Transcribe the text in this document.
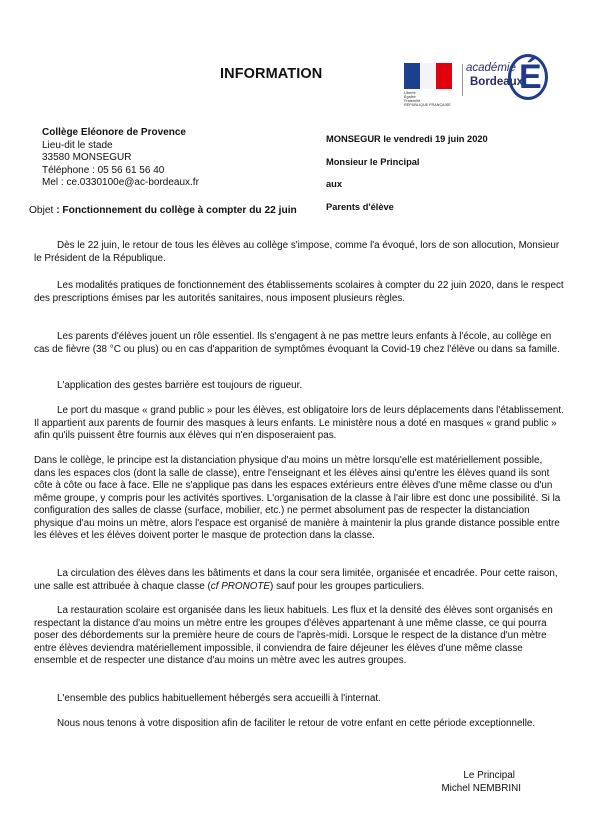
INFORMATION
Liberté
Égalité
Fraternité
RÉPUBLIQUE FRANÇAISE
académie
Bordeaux
É
Collège Eléonore de Provence
Lieu-dit le stade
33580 MONSEGUR
Téléphone : 05 56 61 56 40
Mel : ce.0330100e@ac-bordeaux.fr
MONSEGUR le vendredi 19 juin 2020
Monsieur le Principal
aux
Parents d'élève
Objet : Fonctionnement du collège à compter du 22 juin

Dès le 22 juin, le retour de tous les élèves au collège s'impose, comme l'a évoqué, lors de son allocution, Monsieur le Président de la République.

Les modalités pratiques de fonctionnement des établissements scolaires à compter du 22 juin 2020, dans le respect des prescriptions émises par les autorités sanitaires, nous imposent plusieurs règles.

Les parents d'élèves jouent un rôle essentiel. Ils s'engagent à ne pas mettre leurs enfants à l'école, au collège en cas de fièvre (38 °C ou plus) ou en cas d'apparition de symptômes évoquant la Covid-19 chez l'élève ou dans sa famille.

L'application des gestes barrière est toujours de rigueur.

Le port du masque « grand public » pour les élèves, est obligatoire lors de leurs déplacements dans l'établissement. Il appartient aux parents de fournir des masques à leurs enfants. Le ministère nous a doté en masques « grand public » afin qu'ils puissent être fournis aux élèves qui n'en disposeraient pas.

Dans le collège, le principe est la distanciation physique d'au moins un mètre lorsqu'elle est matériellement possible, dans les espaces clos (dont la salle de classe), entre l'enseignant et les élèves ainsi qu'entre les élèves quand ils sont côte à côte ou face à face. Elle ne s'applique pas dans les espaces extérieurs entre élèves d'une même classe ou d'un même groupe, y compris pour les activités sportives. L'organisation de la classe à l'air libre est donc une possibilité. Si la configuration des salles de classe (surface, mobilier, etc.) ne permet absolument pas de respecter la distanciation physique d'au moins un mètre, alors l'espace est organisé de manière à maintenir la plus grande distance possible entre les élèves et les élèves doivent porter le masque de protection dans la classe.

La circulation des élèves dans les bâtiments et dans la cour sera limitée, organisée et encadrée. Pour cette raison, une salle est attribuée à chaque classe (cf PRONOTE) sauf pour les groupes particuliers.

La restauration scolaire est organisée dans les lieux habituels. Les flux et la densité des élèves sont organisés en respectant la distance d'au moins un mètre entre les groupes d'élèves appartenant à une même classe, ce qui pourra poser des débordements sur la première heure de cours de l'après-midi. Lorsque le respect de la distance d'un mètre entre élèves deviendra matériellement impossible, il conviendra de faire déjeuner les élèves d'une même classe ensemble et de respecter une distance d'au moins un mètre avec les autres groupes.

L'ensemble des publics habituellement hébergés sera accueilli à l'internat.

Nous nous tenons à votre disposition afin de faciliter le retour de votre enfant en cette période exceptionnelle.

Le Principal
Michel NEMBRINI
